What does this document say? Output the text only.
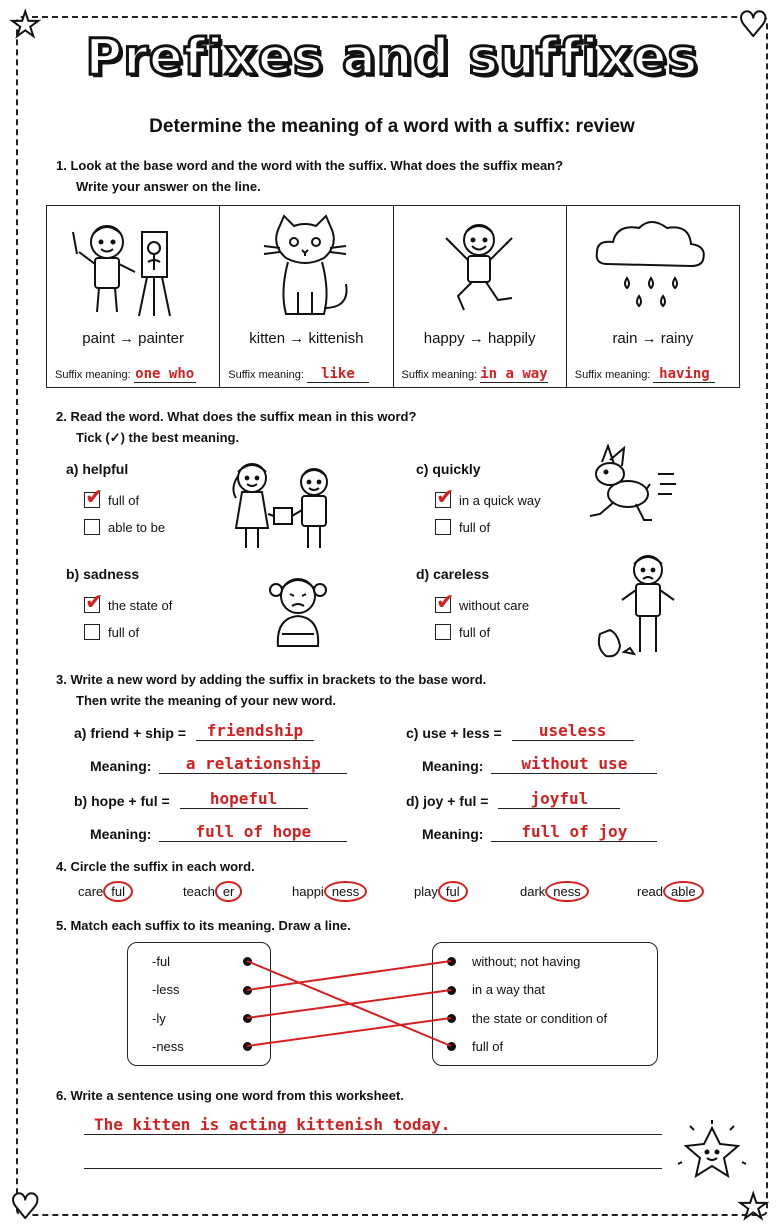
★	♥
♥	★
Prefixes and suffixes
Determine the meaning of a word with a suffix: review
1. Look at the base word and the word with the suffix. What does the suffix mean?
Write your answer on the line.
paint → painter
Suffix meaning: one who
kitten → kittenish
Suffix meaning: like
happy → happily
Suffix meaning: in a way
rain → rainy
Suffix meaning: having
2. Read the word. What does the suffix mean in this word?
Tick (✓) the best meaning.
a) helpful
✔
full of
able to be
c) quickly
✔
in a quick way
full of
b) sadness
✔
the state of
full of
d) careless
✔
without care
full of
3. Write a new word by adding the suffix in brackets to the base word.
Then write the meaning of your new word.
a) friend + ship = friendship
Meaning: a relationship
c) use + less = useless
Meaning: without use
b) hope + ful =	hopeful
Meaning:	full of hope
d) joy + ful =	joyful
Meaning: full of joy
4. Circle the suffix in each word.
care ful	teach er	happi ness	play ful	dark ness	read able
5. Match each suffix to its meaning. Draw a line.
-ful
-less
-ly
-ness
without; not having
in a way that
the state or condition of
full of
6. Write a sentence using one word from this worksheet.
The kitten is acting kittenish today.
